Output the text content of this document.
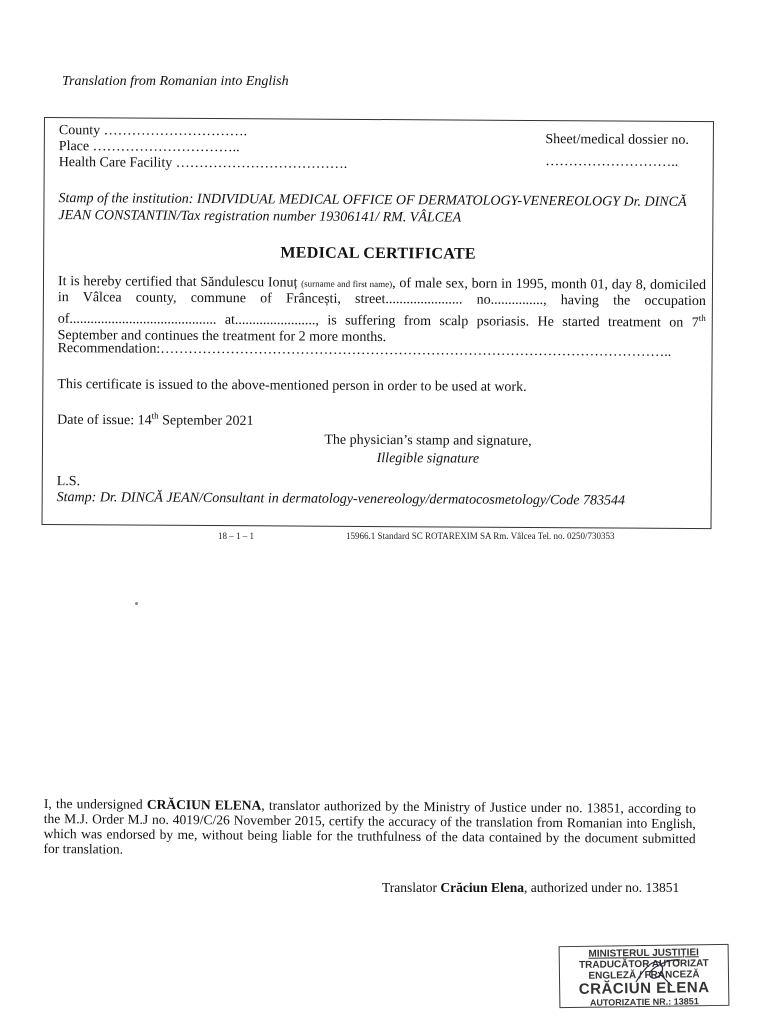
Translation from Romanian into English
County ………………………….
Place …………………………..
Health Care Facility ……………………………….
Sheet/medical dossier no.
………………………..
Stamp of the institution: INDIVIDUAL MEDICAL OFFICE OF DERMATOLOGY-VENEREOLOGY Dr. DINCĂ JEAN CONSTANTIN/Tax registration number 19306141/ RM. VÂLCEA
MEDICAL CERTIFICATE
It is hereby certified that Săndulescu Ionuț (surname and first name), of male sex, born in 1995, month 01, day 8, domiciled in Vâlcea county, commune of Frâncești, street...................... no..............., having the occupation of.......................................... at......................., is suffering from scalp psoriasis. He started treatment on 7th September and continues the treatment for 2 more months.
Recommendation:………………………………………………………………………………………………..
This certificate is issued to the above-mentioned person in order to be used at work.
Date of issue: 14th September 2021
The physician’s stamp and signature,
Illegible signature
L.S.
Stamp: Dr. DINCĂ JEAN/Consultant in dermatology-venereology/dermatocosmetology/Code 783544
18 – 1 – 1	15966.1 Standard SC ROTAREXIM SA Rm. Vâlcea Tel. no. 0250/730353
I, the undersigned CRĂCIUN ELENA, translator authorized by the Ministry of Justice under no. 13851, according to the M.J. Order M.J no. 4019/C/26 November 2015, certify the accuracy of the translation from Romanian into English, which was endorsed by me, without being liable for the truthfulness of the data contained by the document submitted for translation.
Translator Crăciun Elena, authorized under no. 13851
MINISTERUL JUSTIȚIEI
TRADUCĂTOR AUTORIZAT
ENGLEZĂ / FRANCEZĂ
CRĂCIUN ELENA
AUTORIZAȚIE NR.: 13851
